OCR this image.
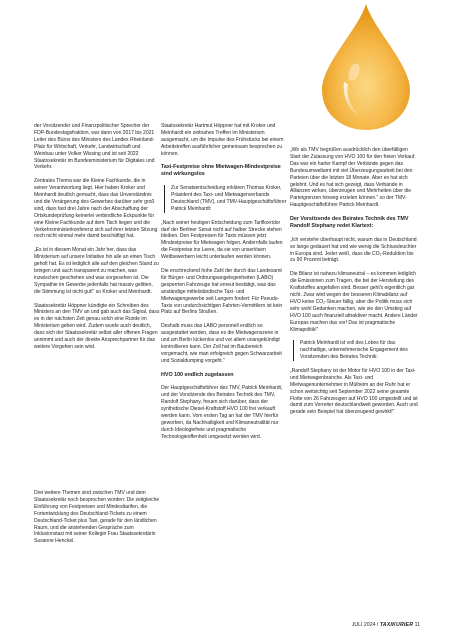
der Vorsitzender und Finanzpolitischer Sprecher der FDP-Bundestagsfraktion, war dann von 2017 bis 2021 Leiter des Büros des Ministers des Landes Rheinland-Pfalz für Wirtschaft, Verkehr, Landwirtschaft und Weinbau unter Volker Wissing und ist seit 2022 Staatssekretär im Bundesministerium für Digitales und Verkehr.

Zentrales Thema war die Kleine Fachkunde, die in seiner Verantwortung liegt. Hier haben Kroker und Meinhardt deutlich gemacht, dass das Unverständnis und die Verärgerung des Gewerbes darüber sehr groß sind, dass fast drei Jahre nach der Abschaffung der Ortskundeprüfung keinerlei verbindliche Eckpunkte für eine Kleine Fachkunde auf dem Tisch liegen und die Verkehrsministerkonferenz sich auf ihrer letzten Sitzung noch nicht einmal mehr damit beschäftigt hat.

„Es ist in diesem Monat ein Jahr her, dass das Ministerium auf unsere Initiative hin alle an einen Tisch geholt hat. Es ist lediglich alle auf den gleichen Stand zu bringen und auch transparent zu machen, was inzwischen geschehen und was vorgesehen ist. Die Sympathie im Gewerbe jedenfalls hat massiv gelitten, die Stimmung ist nicht gut!“ so Kroker und Meinhardt.

Staatssekretär Höppner kündigte ein Schreiben des Ministers an den TMV an und gab auch das Signal, dass es in der nächsten Zeit genau solch eine Runde im Ministerium geben wird. Zudem wurde auch deutlich, dass sich der Staatssekretär selbst aller offenen Fragen annimmt und auch der direkte Ansprechpartner für das weitere Vorgehen sein wird.

Drei weitere Themen sind zwischen TMV und dem Staatssekretär noch besprochen worden: Die zeitgleiche Einführung von Festpreisen und Mindesttarifen, die Fortentwicklung des Deutschland-Tickets zu einem Deutschland-Ticket plus Taxi, gerade für den ländlichen Raum, und die anstehenden Gespräche zum Inklusionstaxi mit seiner Kollegin Frau Staatssekretärin Susanne Henckel.

Staatssekretär Hartmut Höppner hat mit Kroker und Meinhardt ein zeitnahes Treffen im Ministerium ausgemacht, um die Impulse des Frühstücks bei einem Arbeitstreffen ausführlicher gemeinsam besprechen zu können.

Taxi-Festpreise ohne Mietwagen-Mindestpreise sind wirkungslos

Zur Senatsentscheidung erklären Thomas Kroker, Präsident des Taxi- und Mietwagenverbands Deutschland (TMV), und TMV-Hauptgeschäftsführer Patrick Meinhardt:

„Nach seiner heutigen Entscheidung zum Tarifkorridor darf der Berliner Senat nicht auf halber Strecke stehen bleiben. Den Festpreisen für Taxis müssen jetzt Mindestpreise für Mietwagen folgen. Andernfalls laufen die Festpreise ins Leere, da sie von unseriösen Wettbewerbern leicht unterlaufen werden können.

Die erschreckend hohe Zahl der durch das Landesamt für Bürger- und Ordnungsangelegenheiten (LABO) gesperrten Fahrzeuge hat erneut bestätigt, was das anständige mittelständische Taxi- und Mietwagengewerbe seit Langem fordert: Für Pseudo-Taxis von undurchsichtigen Fahrten-Vermittlern ist kein Platz auf Berlins Straßen.

Deshalb muss das LABO personell endlich so ausgestattet werden, dass es die Mietwagenszene in und um Berlin lückenlos und vor allem unangekündigt kontrollieren kann. Der Zoll hat im Baubereich vorgemacht, wie man erfolgreich gegen Schwarzarbeit und Sozialdumping vorgeht.“

HVO 100 endlich zugelassen

Der Hauptgeschäftsführer des TMV, Patrick Meinhardt, und der Vorsitzende des Beirates Technik des TMV, Randolf Stephany, freuen sich darüber, dass der synthetische Diesel-Kraftstoff HVO 100 frei verkauft werden kann. Vom ersten Tag an hat der TMV hierfür geworben, da Nachhaltigkeit und Klimaneutralität nur durch Ideologiefreie und pragmatische Technologieoffenheit umgesetzt werden wird.

„Wir als TMV begrüßen ausdrücklich den überfälligen Start der Zulassung von HVO 100 für den freien Verkauf. Das war ein harter Kampf der Verbände gegen das Bundesumweltamt mit viel Überzeugungsarbeit bei den Parteien über die letzten 18 Monate. Aber es hat sich gelohnt. Und es hat sich gezeigt, dass Verbände in Allianzen wirken, überzeugen und Mehrheiten über die Parteigrenzen hinweg erzielen können.“ so der TMV-Hauptgeschäftsführer Patrick Meinhardt.

Der Vorsitzende des Beirates Technik des TMV Randolf Stephany redet Klartext:

„Ich verstehe überhaupt nicht, warum das in Deutschland so lange gedauert hat und wie wenig die Schlussleuchter in Europa sind. Jeder weiß, dass die CO₂-Reduktion bis zu 90 Prozent beträgt.

Die Bilanz ist nahezu klimaneutral – es kommen lediglich die Emissionen zum Tragen, die bei der Herstellung des Kraftstoffes angefallen sind. Besser geht's eigentlich gar nicht. Zwar wird wegen der besseren Klimabilanz auf HVO keine CO₂-Steuer fällig, aber die Politik muss sich sehr wohl Gedanken machen, wie sie den Umstieg auf HVO 100 auch finanziell attraktiver macht. Andere Länder Europas machen das vor! Das ist pragmatische Klimapolitik!“

Patrick Meinhardt ist voll des Lobes für das nachhaltige, unternehmerische Engagement des Vorsitzenden des Beirates Technik:

„Randolf Stephany ist der Motor für HVO 100 in der Taxi- und Mietwagenbranche. Als Taxi- und Mietwagenunternehmer in Mülheim an der Ruhr hat er schon weitsichtig seit September 2022 seine gesamte Flotte von 26 Fahrzeugen auf HVO 100 umgestellt und ist damit zum Vorreiter deutschlandweit geworden. Auch und gerade sein Beispiel hat überzeugend gewirkt!“

JULI 2024 / TAXIKURIER 11
